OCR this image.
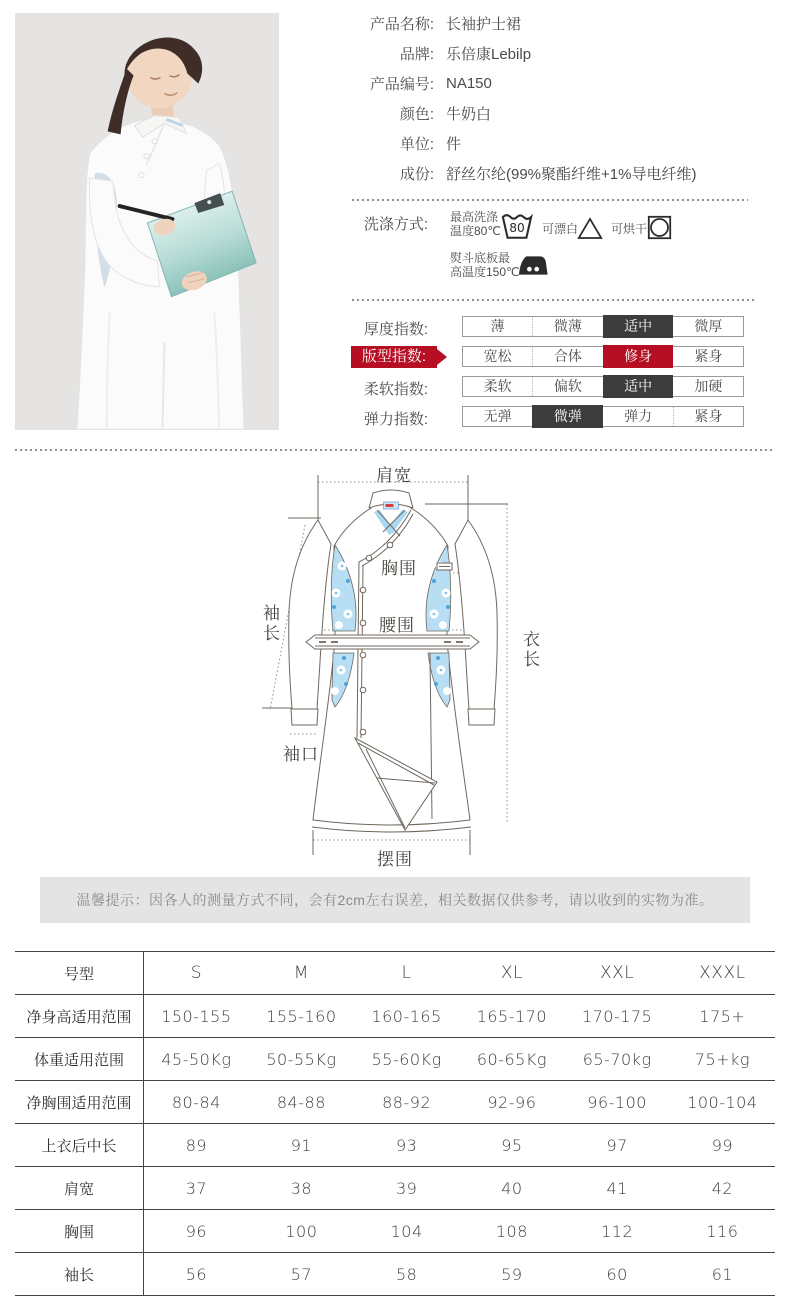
产品名称: 长袖护士裙
品牌: 乐倍康Lebilp
产品编号: NA150
颜色: 牛奶白
单位: 件
成份: 舒丝尔纶(99%聚酯纤维+1%导电纤维)
洗涤方式: 最高洗涤
温度80℃ 80 可漂白	可烘干
熨斗底板最
高温度150℃
厚度指数:	薄	微薄	适中	微厚
版型指数:	宽松	合体	修身	紧身
柔软指数:	柔软	偏软	适中	加硬
弹力指数:	无弹	微弹	弹力	紧身
肩宽
胸围
腰围
袖长
衣长
袖口
摆围
温馨提示：因各人的测量方式不同，会有2cm左右误差，相关数据仅供参考，请以收到的实物为准。
号型	S	M	L	XL	XXL	XXXL
净身高适用范围	150-155	155-160	160-165	165-170	170-175	175+
体重适用范围	45-50Kg	50-55Kg	55-60Kg	60-65Kg	65-70kg	75+kg
净胸围适用范围	80-84	84-88	88-92	92-96	96-100	100-104
上衣后中长	89	91	93	95	97	99
肩宽	37	38	39	40	41	42
胸围	96	100	104	108	112	116
袖长	56	57	58	59	60	61
